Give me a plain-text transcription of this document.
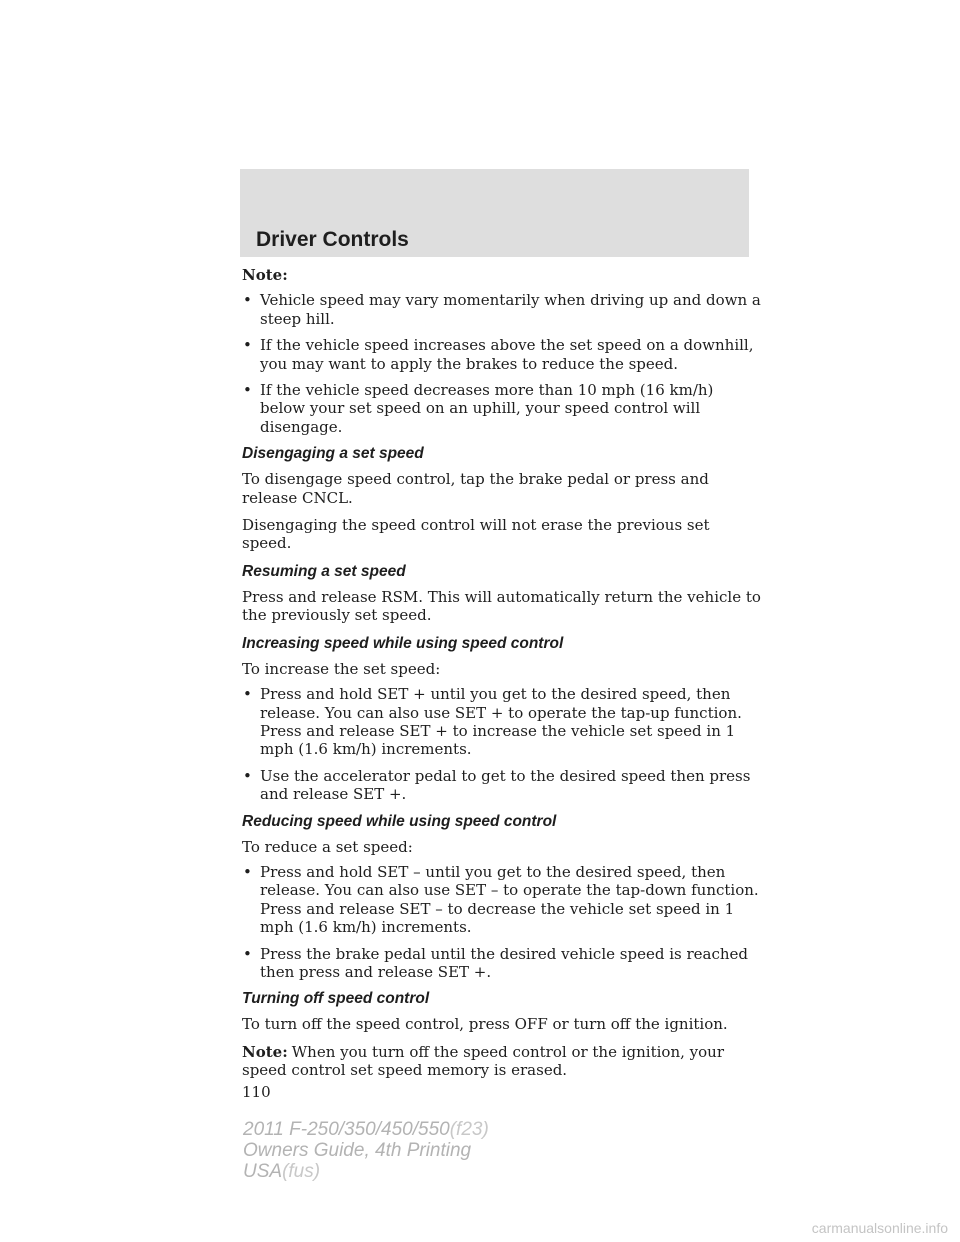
Driver Controls

Note:

• Vehicle speed may vary momentarily when driving up and down a steep hill.
• If the vehicle speed increases above the set speed on a downhill, you may want to apply the brakes to reduce the speed.
• If the vehicle speed decreases more than 10 mph (16 km/h) below your set speed on an uphill, your speed control will disengage.
Disengaging a set speed

To disengage speed control, tap the brake pedal or press and release CNCL.

Disengaging the speed control will not erase the previous set speed.

Resuming a set speed

Press and release RSM. This will automatically return the vehicle to the previously set speed.

Increasing speed while using speed control

To increase the set speed:

• Press and hold SET + until you get to the desired speed, then release. You can also use SET + to operate the tap-up function. Press and release SET + to increase the vehicle set speed in 1 mph (1.6 km/h) increments.
• Use the accelerator pedal to get to the desired speed then press and release SET +.
Reducing speed while using speed control

To reduce a set speed:

• Press and hold SET – until you get to the desired speed, then release. You can also use SET – to operate the tap-down function. Press and release SET – to decrease the vehicle set speed in 1 mph (1.6 km/h) increments.
• Press the brake pedal until the desired vehicle speed is reached then press and release SET +.
Turning off speed control

To turn off the speed control, press OFF or turn off the ignition.

Note: When you turn off the speed control or the ignition, your speed control set speed memory is erased.

110
2011 F-250/350/450/550(f23)
Owners Guide, 4th Printing
USA(fus)
carmanualsonline.info
